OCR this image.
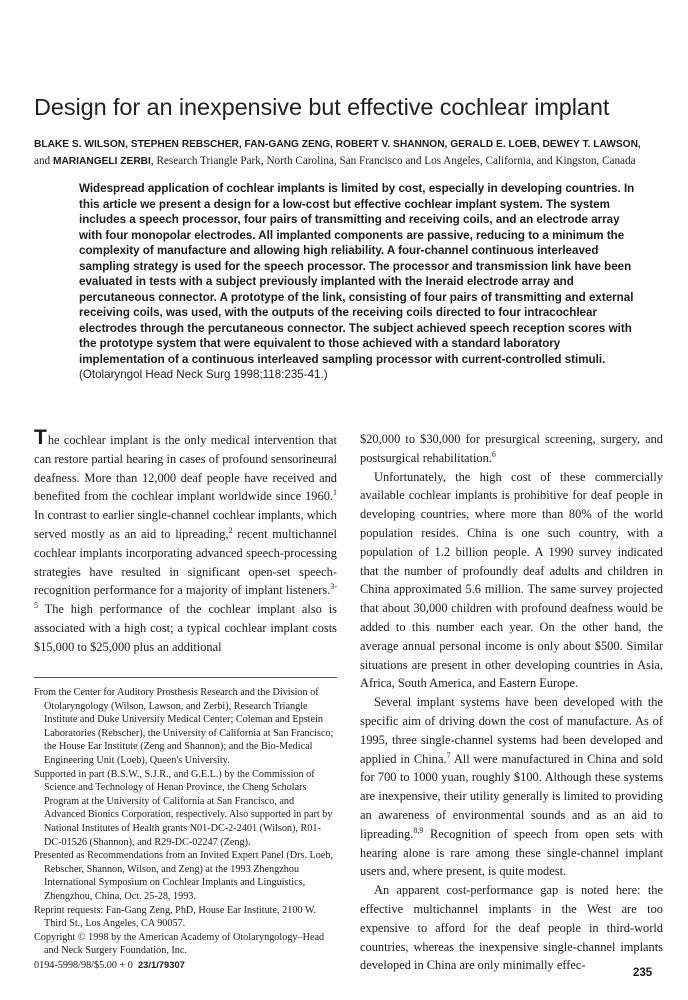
Design for an inexpensive but effective cochlear implant

BLAKE S. WILSON, STEPHEN REBSCHER, FAN-GANG ZENG, ROBERT V. SHANNON, GERALD E. LOEB, DEWEY T. LAWSON, and MARIANGELI ZERBI, Research Triangle Park, North Carolina, San Francisco and Los Angeles, California, and Kingston, Canada

Widespread application of cochlear implants is limited by cost, especially in developing countries. In this article we present a design for a low-cost but effective cochlear implant system. The system includes a speech processor, four pairs of transmitting and receiving coils, and an electrode array with four monopolar electrodes. All implanted components are passive, reducing to a minimum the complexity of manufacture and allowing high reliability. A four-channel continuous interleaved sampling strategy is used for the speech processor. The processor and transmission link have been evaluated in tests with a subject previously implanted with the Ineraid electrode array and percutaneous connector. A prototype of the link, consisting of four pairs of transmitting and external receiving coils, was used, with the outputs of the receiving coils directed to four intracochlear electrodes through the percutaneous connector. The subject achieved speech reception scores with the prototype system that were equivalent to those achieved with a standard laboratory implementation of a continuous interleaved sampling processor with current-controlled stimuli. (Otolaryngol Head Neck Surg 1998;118:235-41.)

The cochlear implant is the only medical intervention that can restore partial hearing in cases of profound sensorineural deafness. More than 12,000 deaf people have received and benefited from the cochlear implant worldwide since 1960.$^1$ In contrast to earlier single-channel cochlear implants, which served mostly as an aid to lipreading,$^2$ recent multichannel cochlear implants incorporating advanced speech-processing strategies have resulted in significant open-set speech-recognition performance for a majority of implant listeners.$^{3-5}$ The high performance of the cochlear implant also is associated with a high cost; a typical cochlear implant costs $15,000 to $25,000 plus an additional

From the Center for Auditory Prosthesis Research and the Division of Otolaryngology (Wilson, Lawson, and Zerbi), Research Triangle Institute and Duke University Medical Center; Coleman and Epstein Laboratories (Rebscher), the University of California at San Francisco; the House Ear Institute (Zeng and Shannon); and the Bio-Medical Engineering Unit (Loeb), Queen's University.

Supported in part (B.S.W., S.J.R., and G.E.L.) by the Commission of Science and Technology of Henan Province, the Cheng Scholars Program at the University of California at San Francisco, and Advanced Bionics Corporation, respectively. Also supported in part by National Institutes of Health grants N01-DC-2-2401 (Wilson), R01-DC-01526 (Shannon), and R29-DC-02247 (Zeng).

Presented as Recommendations from an Invited Expert Panel (Drs. Loeb, Rebscher, Shannon, Wilson, and Zeng) at the 1993 Zhengzhou International Symposium on Cochlear Implants and Linguistics, Zhengzhou, China, Oct. 25-28, 1993.

Reprint requests: Fan-Gang Zeng, PhD, House Ear Institute, 2100 W. Third St., Los Angeles, CA 90057.

Copyright © 1998 by the American Academy of Otolaryngology–Head and Neck Surgery Foundation, Inc.

0194-5998/98/$5.00 + 0 23/1/79307

$20,000 to $30,000 for presurgical screening, surgery, and postsurgical rehabilitation.$^6$

Unfortunately, the high cost of these commercially available cochlear implants is prohibitive for deaf people in developing countries, where more than 80% of the world population resides. China is one such country, with a population of 1.2 billion people. A 1990 survey indicated that the number of profoundly deaf adults and children in China approximated 5.6 million. The same survey projected that about 30,000 children with profound deafness would be added to this number each year. On the other hand, the average annual personal income is only about $500. Similar situations are present in other developing countries in Asia, Africa, South America, and Eastern Europe.

Several implant systems have been developed with the specific aim of driving down the cost of manufacture. As of 1995, three single-channel systems had been developed and applied in China.$^7$ All were manufactured in China and sold for 700 to 1000 yuan, roughly $100. Although these systems are inexpensive, their utility generally is limited to providing an awareness of environmental sounds and as an aid to lipreading.$^{8,9}$ Recognition of speech from open sets with hearing alone is rare among these single-channel implant users and, where present, is quite modest.

An apparent cost-performance gap is noted here: the effective multichannel implants in the West are too expensive to afford for the deaf people in third-world countries, whereas the inexpensive single-channel implants developed in China are only minimally effec-

235
